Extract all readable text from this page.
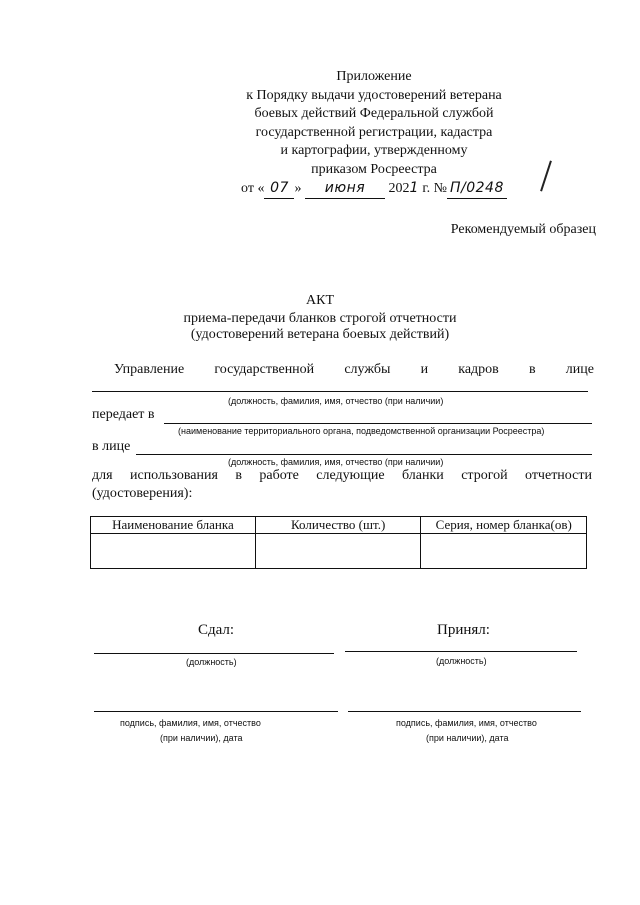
Приложение
к Порядку выдачи удостоверений ветерана
боевых действий Федеральной службой
государственной регистрации, кадастра
и картографии, утвержденному
приказом Росреестра
от « 07 » июня 2021 г. № П/0248
Рекомендуемый образец
АКТ
приема-передачи бланков строгой отчетности
(удостоверений ветерана боевых действий)
Управление государственной службы и кадров в лице
(должность, фамилия, имя, отчество (при наличии)
передает в
(наименование территориального органа, подведомственной организации Росреестра)
в лице
(должность, фамилия, имя, отчество (при наличии)
для использования в работе следующие бланки строгой отчетности
(удостоверения):
Наименование бланка	Количество (шт.)	Серия, номер бланка(ов)

Сдал:	Принял:
(должность)	(должность)
подпись, фамилия, имя, отчество
(при наличии), дата
подпись, фамилия, имя, отчество
(при наличии), дата
